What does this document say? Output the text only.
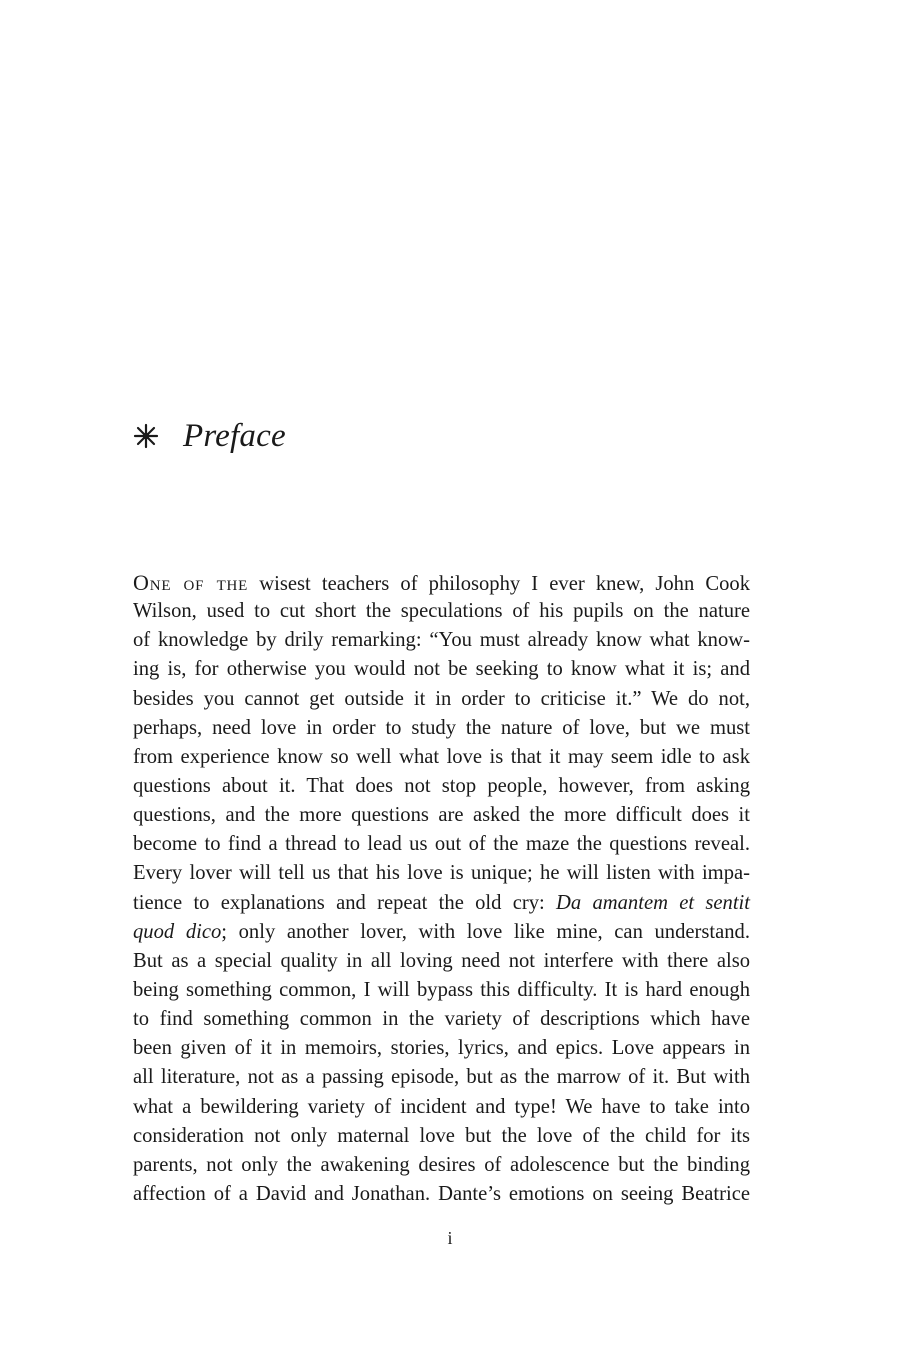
Preface
One of the wisest teachers of philosophy I ever knew, John Cook
Wilson, used to cut short the speculations of his pupils on the nature
of knowledge by drily remarking: “You must already know what know-
ing is, for otherwise you would not be seeking to know what it is; and
besides you cannot get outside it in order to criticise it.” We do not,
perhaps, need love in order to study the nature of love, but we must
from experience know so well what love is that it may seem idle to ask
questions about it. That does not stop people, however, from asking
questions, and the more questions are asked the more difficult does it
become to find a thread to lead us out of the maze the questions reveal.
Every lover will tell us that his love is unique; he will listen with impa-
tience to explanations and repeat the old cry: Da amantem et sentit
quod dico; only another lover, with love like mine, can understand.
But as a special quality in all loving need not interfere with there also
being something common, I will bypass this difficulty. It is hard enough
to find something common in the variety of descriptions which have
been given of it in memoirs, stories, lyrics, and epics. Love appears in
all literature, not as a passing episode, but as the marrow of it. But with
what a bewildering variety of incident and type! We have to take into
consideration not only maternal love but the love of the child for its
parents, not only the awakening desires of adolescence but the binding
affection of a David and Jonathan. Dante’s emotions on seeing Beatrice
i
